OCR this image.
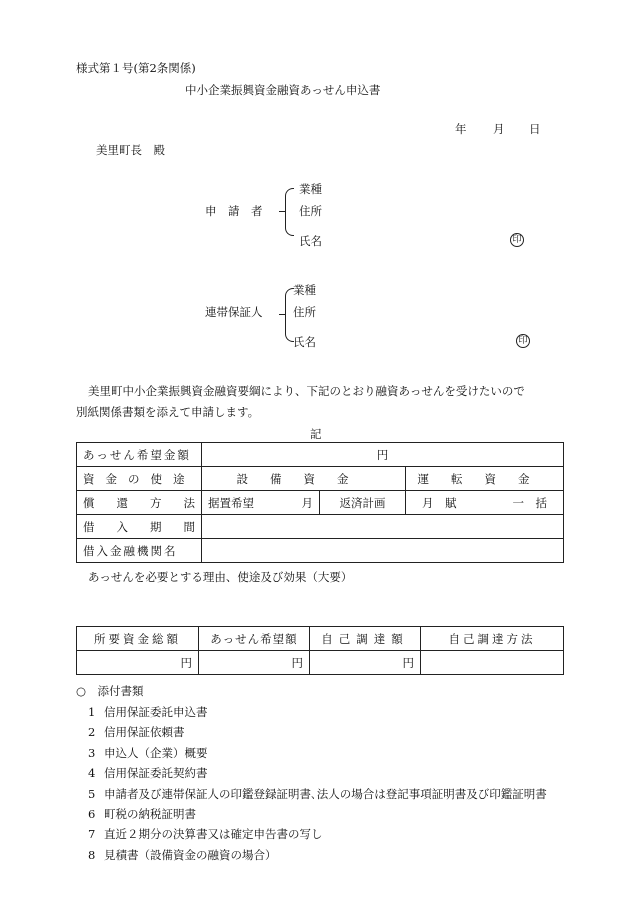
様式第１号(第2条関係)
中小企業振興資金融資あっせん申込書
年 月 日
美里町長　殿
申　請　者
業種
住所
氏名	印
連帯保証人
業種
住所
氏名	印
美里町中小企業振興資金融資要綱により、下記のとおり融資あっせんを受けたいので
別紙関係書類を添えて申請します。
記
あっせん希望金額	円		
資金の使途	設備資金		運転資金
償還方法	据置希望 月	返済計画	月　賦 一　括

借入期間			
借入金融機関名			
あっせんを必要とする理由、使途及び効果（大要）
所要資金総額	あっせん希望額	自己調達額	自己調達方法
円	円	円	
○　添付書類
1 信用保証委託申込書
2 信用保証依頼書
3 申込人（企業）概要
4 信用保証委託契約書
5 申請者及び連帯保証人の印鑑登録証明書､法人の場合は登記事項証明書及び印鑑証明書
6 町税の納税証明書
7 直近２期分の決算書又は確定申告書の写し
8 見積書（設備資金の融資の場合）
